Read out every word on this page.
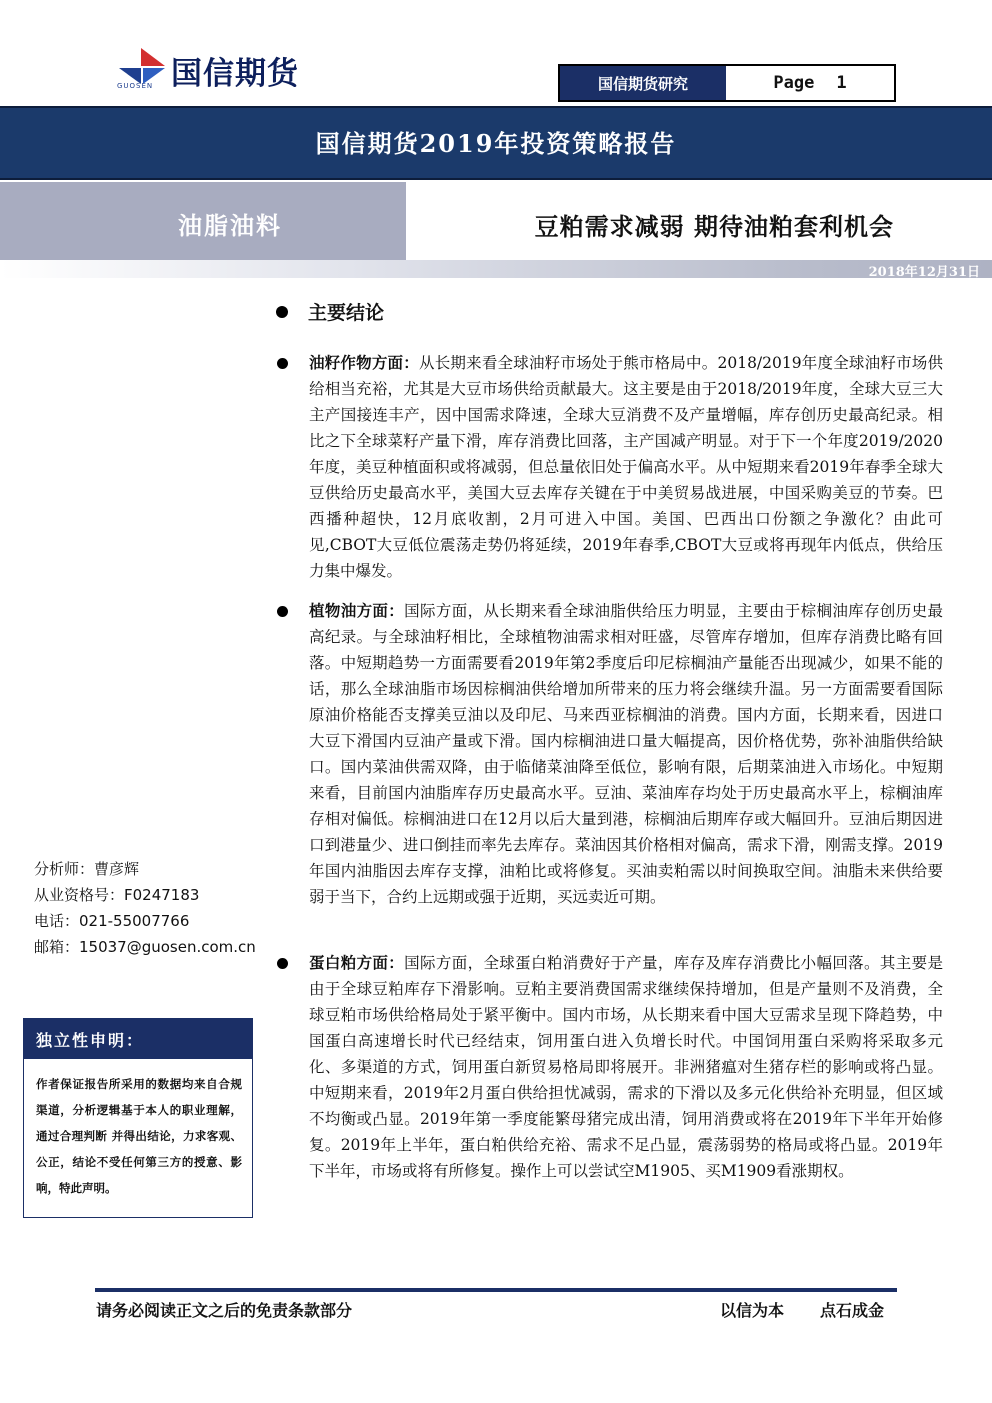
国信期货
GUOSEN	国信期货研究	Page 1
国信期货2019年投资策略报告
油脂油料	豆粕需求减弱 期待油粕套利机会
2018年12月31日
主要结论
油籽作物方面：从长期来看全球油籽市场处于熊市格局中。2018/2019年度全球油籽市场供给相当充裕，尤其是大豆市场供给贡献最大。这主要是由于2018/2019年度，全球大豆三大主产国接连丰产，因中国需求降速，全球大豆消费不及产量增幅，库存创历史最高纪录。相比之下全球菜籽产量下滑，库存消费比回落，主产国减产明显。对于下一个年度2019/2020年度，美豆种植面积或将减弱，但总量依旧处于偏高水平。从中短期来看2019年春季全球大豆供给历史最高水平，美国大豆去库存关键在于中美贸易战进展，中国采购美豆的节奏。巴西播种超快，12月底收割，2月可进入中国。美国、巴西出口份额之争激化？由此可见,CBOT大豆低位震荡走势仍将延续，2019年春季,CBOT大豆或将再现年内低点，供给压力集中爆发。
植物油方面：国际方面，从长期来看全球油脂供给压力明显，主要由于棕榈油库存创历史最高纪录。与全球油籽相比，全球植物油需求相对旺盛，尽管库存增加，但库存消费比略有回落。中短期趋势一方面需要看2019年第2季度后印尼棕榈油产量能否出现减少，如果不能的话，那么全球油脂市场因棕榈油供给增加所带来的压力将会继续升温。另一方面需要看国际原油价格能否支撑美豆油以及印尼、马来西亚棕榈油的消费。国内方面，长期来看，因进口大豆下滑国内豆油产量或下滑。国内棕榈油进口量大幅提高，因价格优势，弥补油脂供给缺口。国内菜油供需双降，由于临储菜油降至低位，影响有限，后期菜油进入市场化。中短期来看，目前国内油脂库存历史最高水平。豆油、菜油库存均处于历史最高水平上，棕榈油库存相对偏低。棕榈油进口在12月以后大量到港，棕榈油后期库存或大幅回升。豆油后期因进口到港量少、进口倒挂而率先去库存。菜油因其价格相对偏高，需求下滑，刚需支撑。2019年国内油脂因去库存支撑，油粕比或将修复。买油卖粕需以时间换取空间。油脂未来供给要弱于当下，合约上远期或强于近期，买远卖近可期。
蛋白粕方面：国际方面，全球蛋白粕消费好于产量，库存及库存消费比小幅回落。其主要是由于全球豆粕库存下滑影响。豆粕主要消费国需求继续保持增加，但是产量则不及消费，全球豆粕市场供给格局处于紧平衡中。国内市场，从长期来看中国大豆需求呈现下降趋势，中国蛋白高速增长时代已经结束，饲用蛋白进入负增长时代。中国饲用蛋白采购将采取多元化、多渠道的方式，饲用蛋白新贸易格局即将展开。非洲猪瘟对生猪存栏的影响或将凸显。中短期来看，2019年2月蛋白供给担忧减弱，需求的下滑以及多元化供给补充明显，但区域不均衡或凸显。2019年第一季度能繁母猪完成出清，饲用消费或将在2019年下半年开始修复。2019年上半年，蛋白粕供给充裕、需求不足凸显，震荡弱势的格局或将凸显。2019年下半年，市场或将有所修复。操作上可以尝试空M1905、买M1909看涨期权。
分析师：曹彦辉
从业资格号：F0247183
电话：021-55007766
邮箱：15037@guosen.com.cn
独立性申明：
作者保证报告所采用的数据均来自合规渠道，分析逻辑基于本人的职业理解，通过合理判断 并得出结论，力求客观、公正，结论不受任何第三方的授意、影响，特此声明。
请务必阅读正文之后的免责条款部分	以信为本 点石成金
